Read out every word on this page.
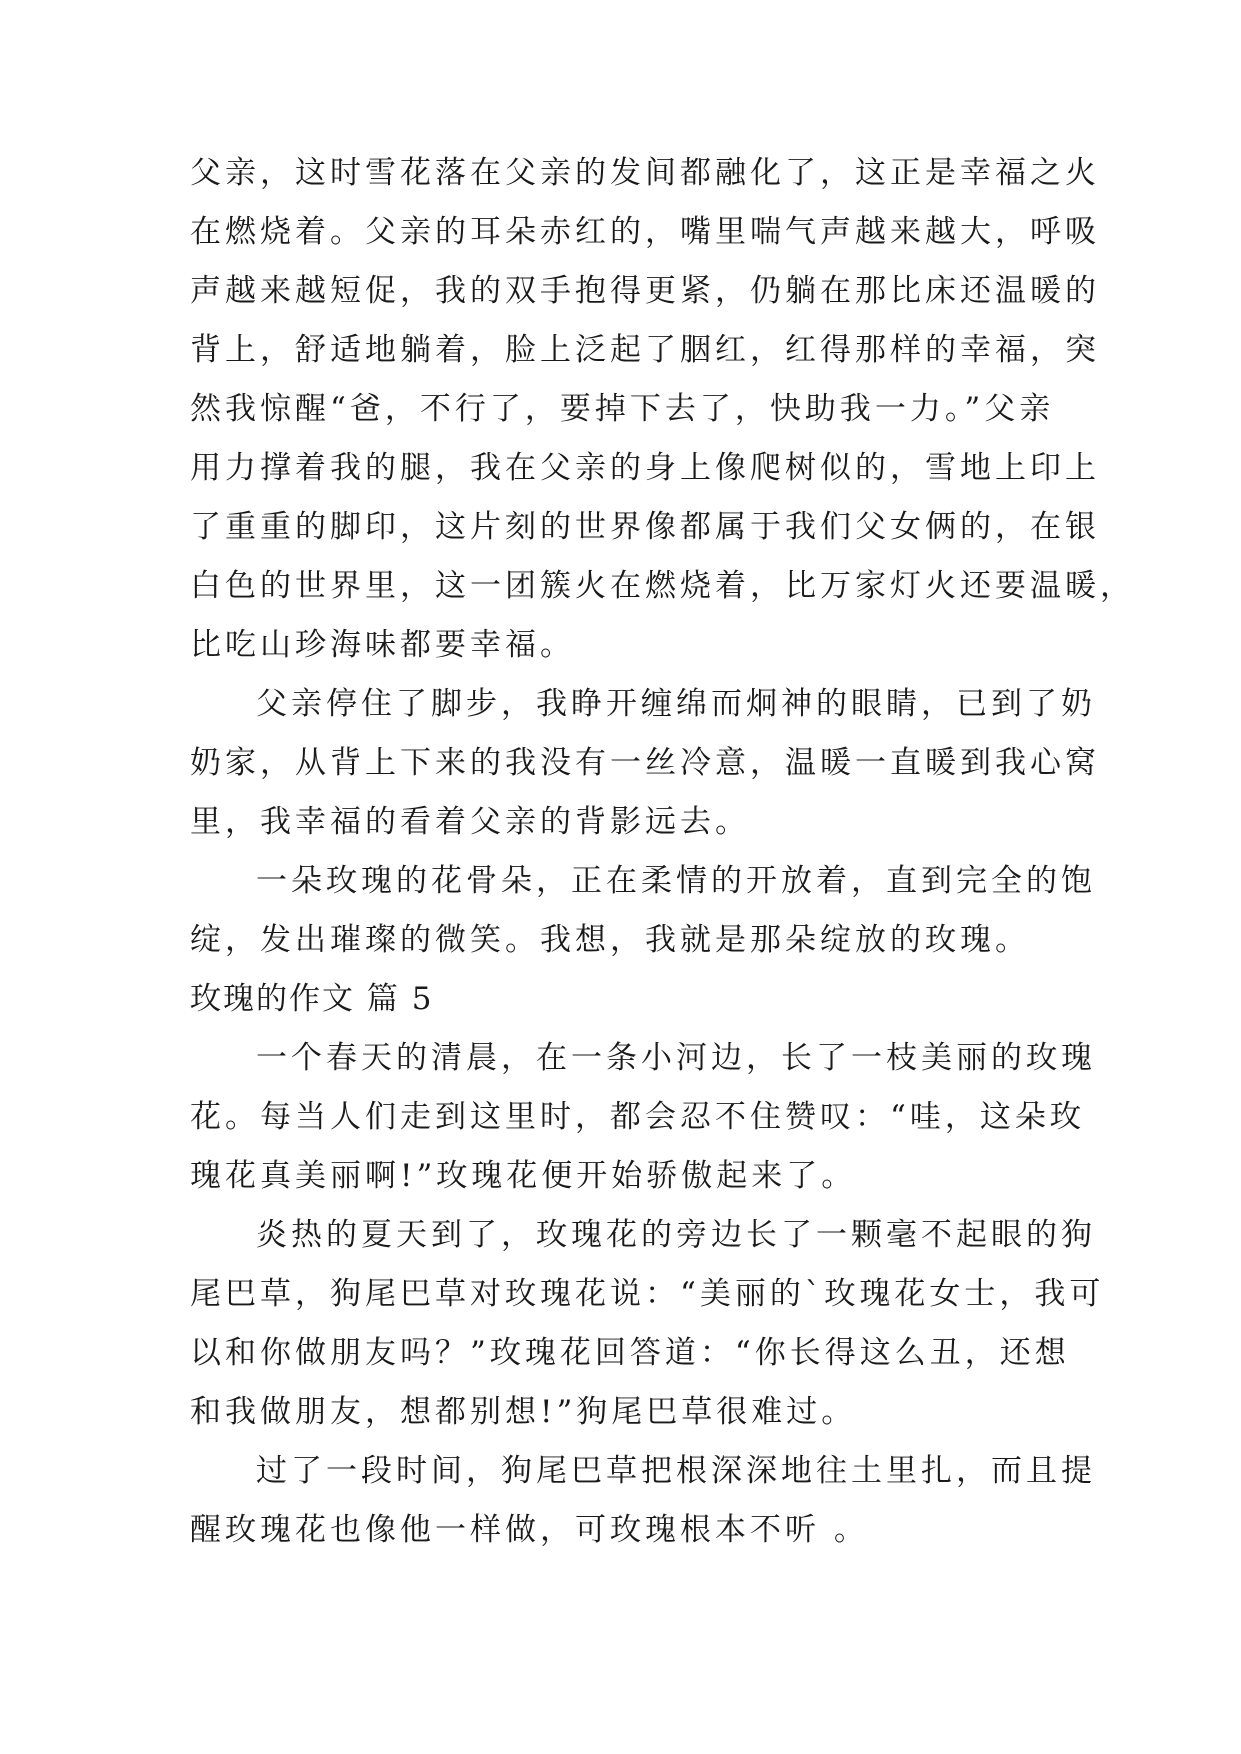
父亲，这时雪花落在父亲的发间都融化了，这正是幸福之火
在燃烧着。父亲的耳朵赤红的，嘴里喘气声越来越大，呼吸
声越来越短促，我的双手抱得更紧，仍躺在那比床还温暖的
背上，舒适地躺着，脸上泛起了胭红，红得那样的幸福，突
然我惊醒“爸，不行了，要掉下去了，快助我一力。”父亲
用力撑着我的腿，我在父亲的身上像爬树似的，雪地上印上
了重重的脚印，这片刻的世界像都属于我们父女俩的，在银
白色的世界里，这一团簇火在燃烧着，比万家灯火还要温暖，
比吃山珍海味都要幸福。
父亲停住了脚步，我睁开缠绵而炯神的眼睛，已到了奶
奶家，从背上下来的我没有一丝冷意，温暖一直暖到我心窝
里，我幸福的看着父亲的背影远去。
一朵玫瑰的花骨朵，正在柔情的开放着，直到完全的饱
绽，发出璀璨的微笑。我想，我就是那朵绽放的玫瑰。
玫瑰的作文 篇 5
一个春天的清晨，在一条小河边，长了一枝美丽的玫瑰
花。每当人们走到这里时，都会忍不住赞叹：“哇，这朵玫
瑰花真美丽啊!”玫瑰花便开始骄傲起来了。
炎热的夏天到了，玫瑰花的旁边长了一颗毫不起眼的狗
尾巴草，狗尾巴草对玫瑰花说：“美丽的`玫瑰花女士，我可
以和你做朋友吗？”玫瑰花回答道：“你长得这么丑，还想
和我做朋友，想都别想!”狗尾巴草很难过。
过了一段时间，狗尾巴草把根深深地往土里扎，而且提
醒玫瑰花也像他一样做，可玫瑰根本不听 。
